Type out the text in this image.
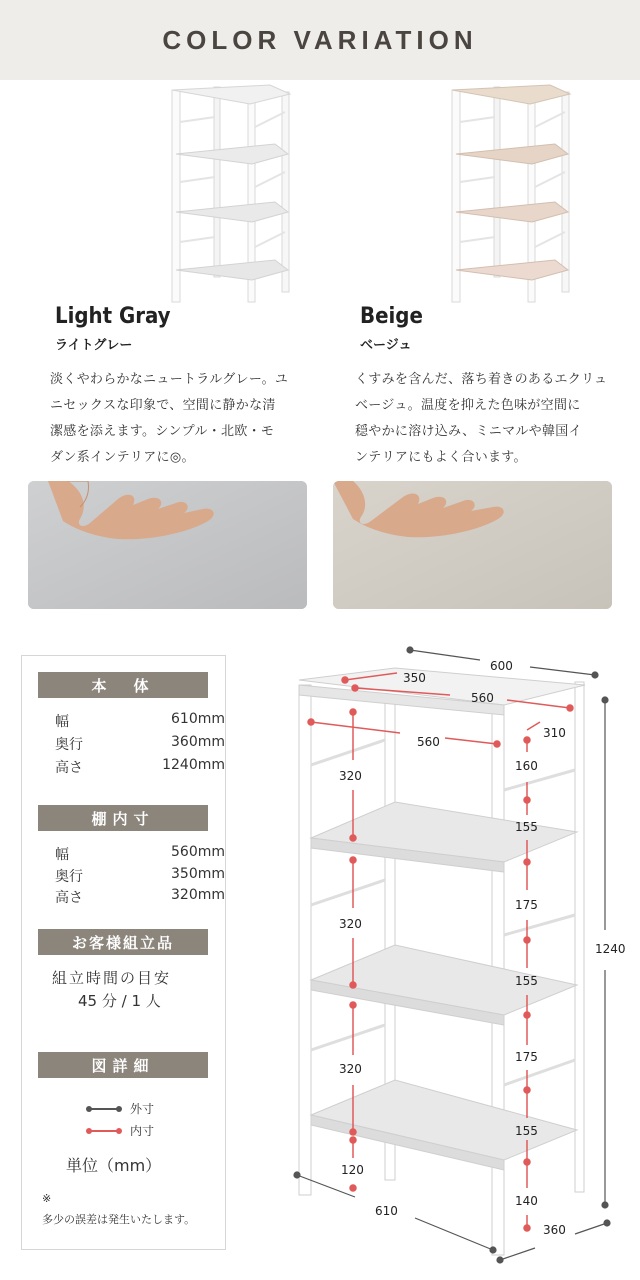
COLOR VARIATION
Light Gray
ライトグレー
Beige
ベージュ
淡くやわらかなニュートラルグレー。ユ
ニセックスな印象で、空間に静かな清
潔感を添えます。シンプル・北欧・モ
ダン系インテリアに◎。
くすみを含んだ、落ち着きのあるエクリュ
ベージュ。温度を抑えた色味が空間に
穏やかに溶け込み、ミニマルや韓国イ
ンテリアにもよく合います。
本　体
幅	610mm
奥行	360mm
高さ	1240mm
棚内寸
幅	560mm
奥行	350mm
高さ	320mm
お客様組立品
組立時間の目安
45 分 / 1 人
図詳細
外寸
内寸
単位（mm）
※
多少の誤差は発生いたします。
600
350
560
560
310
1240
610
360
320
320
320
120
160
155
175
155
175
155
140
